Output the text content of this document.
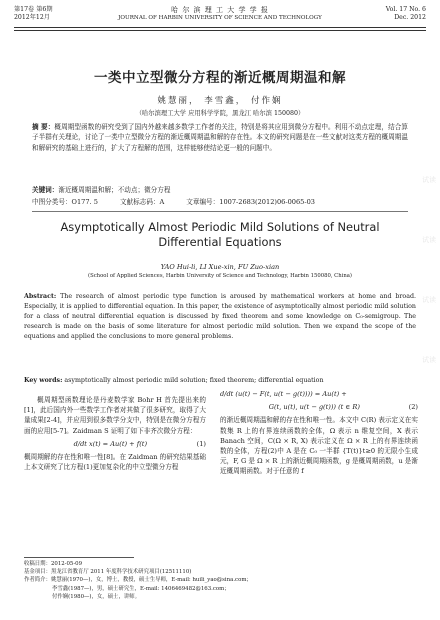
第17卷 第6期
2012年12月
哈 尔 滨 理 工 大 学 学 报
JOURNAL OF HARBIN UNIVERSITY OF SCIENCE AND TECHNOLOGY
Vol. 17 No. 6
Dec. 2012
一类中立型微分方程的渐近概周期温和解
姚慧丽， 李雪鑫， 付作娴
（哈尔滨理工大学 应用科学学院，黑龙江 哈尔滨 150080）
摘 要：概周期型函数的研究受到了国内外越来越多数学工作者的关注，特别是将其应用到微分方程中。利用不动点定理，结合算子半群有关理论，讨论了一类中立型微分方程的渐近概周期温和解的存在性。本文的研究问题是在一些文献对这类方程的概周期温和解研究的基础上进行的，扩大了方程解的范围，这样能够使结论更一般的问题中。
关键词：渐近概周期温和解；不动点；微分方程
中图分类号：O177. 5	文献标志码：A	文章编号：1007-2683(2012)06-0065-03
Asymptotically Almost Periodic Mild Solutions of Neutral Differential Equations
YAO Hui-li, LI Xue-xin, FU Zuo-xian
(School of Applied Sciences, Harbin University of Science and Technology, Harbin 150080, China)
Abstract: The research of almost periodic type function is aroused by mathematical workers at home and broad. Especially, it is applied to differential equation. In this paper, the existence of asymptotically almost periodic mild solution for a class of neutral differential equation is discussed by fixed theorem and some knowledge on C₀-semigroup. The research is made on the basis of some literature for almost periodic mild solution. Then we expand the scope of the equations and applied the conclusions to more general problems.
Key words: asymptotically almost periodic mild solution; fixed theorem; differential equation

概周期型函数理论是丹麦数学家 Bohr H 首先提出来的[1]，此后国内外一些数学工作者对其做了很多研究，取得了大量成果[2-4]，并应用到很多数学分支中，特别是在微分方程方面的应用[5-7]。Zaidman S 证明了如下非齐次微分方程：

d/dt x(t) = Au(t) + f(t)	(1)

概周期解的存在性和唯一性[8]。在 Zaidman 的研究结果基础上本文研究了比方程(1)更加复杂化的中立型微分方程

d/dt (u(t) − F(t, u(t − g(t)))) = Au(t) +
G(t, u(t), u(t − g(t))) (t ∈ R)	(2)

的渐近概周期温和解的存在性和唯一性。本文中 C(R) 表示定义在实数集 R 上的有界连续函数的全体，Ω 表示 n 维复空间，X 表示 Banach 空间，C(Ω × R, X) 表示定义在 Ω × R 上的有界连续函数的全体，方程(2)中 A 是在 C₀ 一半群 {T(t)}t≥0 的无限小生成元，F, G 是 Ω × R 上的渐近概周期函数，g 是概周期函数，u 是渐近概周期函数。对于任意的 f

收稿日期：2012-05-09
基金项目：黑龙江省教育厅 2011 年度科学技术研究项目(12511110)
作者简介：姚慧丽(1970—)，女，博士，教授，硕士生导师，E-mail: huili_yao@sina.com；
李雪鑫(1987—)，男，硕士研究生，E-mail: 1406469482@163.com；
付作娴(1980—)，女，硕士，讲师。
试读
试读
试读
试读
